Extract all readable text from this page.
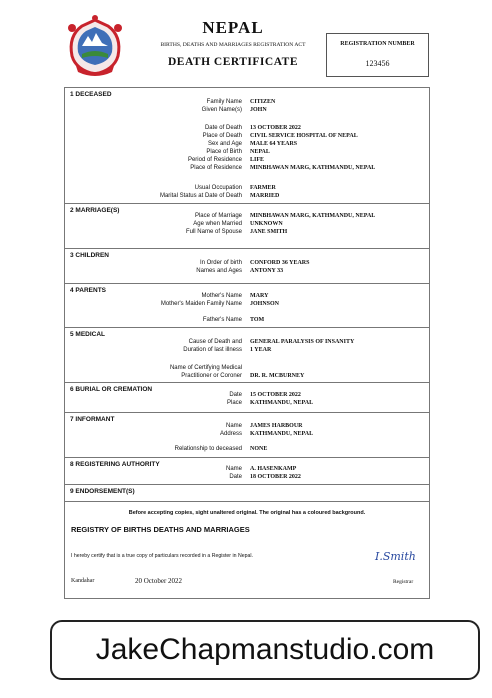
NEPAL
BIRTHS, DEATHS AND MARRIAGES REGISTRATION ACT
DEATH CERTIFICATE
REGISTRATION NUMBER
123456
1 DECEASED
Family Name CITIZEN
Given Name(s) JOHN
Date of Death 13 OCTOBER 2022
Place of Death CIVIL SERVICE HOSPITAL OF NEPAL
Sex and Age MALE 64 YEARS
Place of Birth NEPAL
Period of Residence LIFE
Place of Residence MINBHAWAN MARG, KATHMANDU, NEPAL
Usual Occupation FARMER
Marital Status at Date of Death MARRIED
2 MARRIAGE(S)
Place of Marriage MINBHAWAN MARG, KATHMANDU, NEPAL
Age when Married UNKNOWN
Full Name of Spouse JANE SMITH
3 CHILDREN
In Order of birth CONFORD 36 YEARS
Names and Ages ANTONY 33
4 PARENTS
Mother's Name MARY
Mother's Maiden Family Name JOHNSON
Father's Name TOM
5 MEDICAL
Cause of Death and GENERAL PARALYSIS OF INSANITY
Duration of last illness 1 YEAR
Name of Certifying Medical
Practitioner or Coroner DR. R. MCBURNEY
6 BURIAL OR CREMATION
Date 15 OCTOBER 2022
Place KATHMANDU, NEPAL
7 INFORMANT
Name JAMES HARBOUR
Address KATHMANDU, NEPAL
Relationship to deceased NONE
8 REGISTERING AUTHORITY
Name A. HASENKAMP
Date 18 OCTOBER 2022
9 ENDORSEMENT(S)
Before accepting copies, sight unaltered original. The original has a coloured background.
REGISTRY OF BIRTHS DEATHS AND MARRIAGES
I hereby certify that is a true copy of particulars recorded in a Register in Nepal.	I.Smith
Kandahar	20 October 2022	Registrar
JakeChapmanstudio.com
